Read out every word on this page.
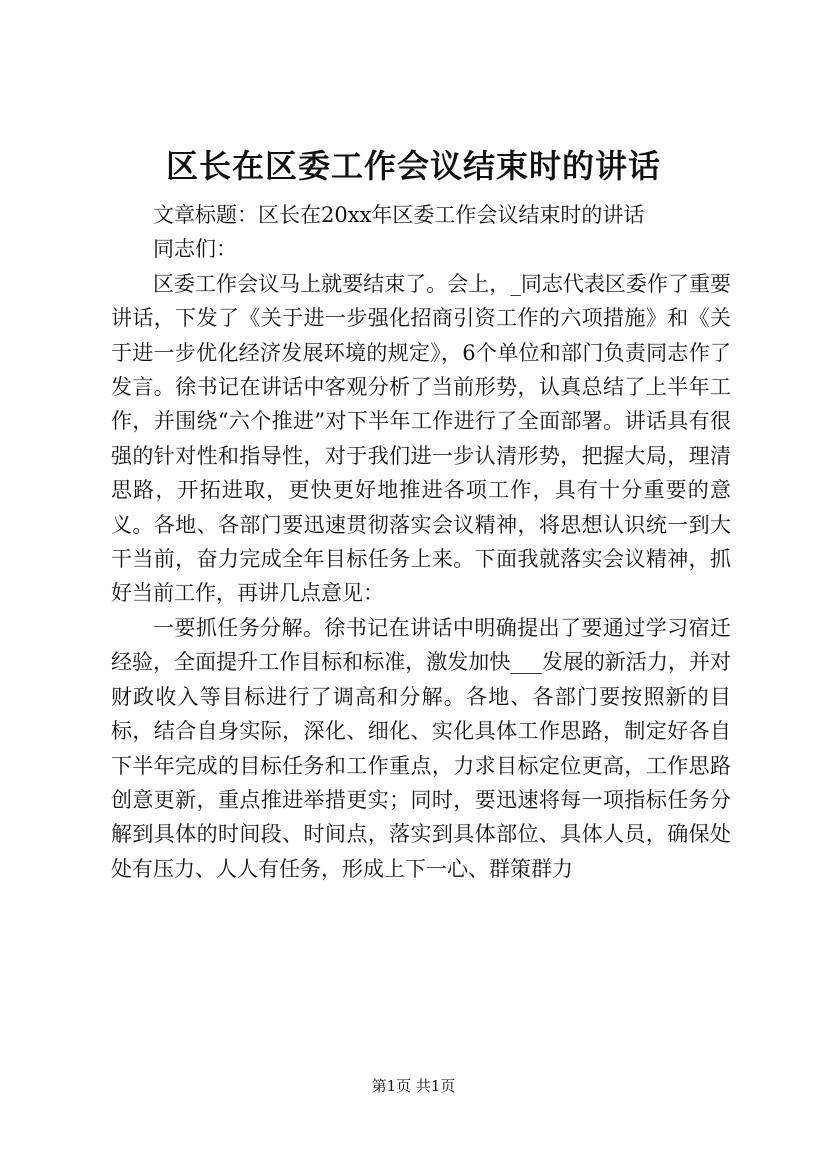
区长在区委工作会议结束时的讲话

文章标题：区长在20xx年区委工作会议结束时的讲话

同志们：

区委工作会议马上就要结束了。会上，_同志代表区委作了重要讲话，下发了《关于进一步强化招商引资工作的六项措施》和《关于进一步优化经济发展环境的规定》，6个单位和部门负责同志作了发言。徐书记在讲话中客观分析了当前形势，认真总结了上半年工作，并围绕“六个推进”对下半年工作进行了全面部署。讲话具有很强的针对性和指导性，对于我们进一步认清形势，把握大局，理清思路，开拓进取，更快更好地推进各项工作，具有十分重要的意义。各地、各部门要迅速贯彻落实会议精神，将思想认识统一到大干当前，奋力完成全年目标任务上来。下面我就落实会议精神，抓好当前工作，再讲几点意见：

一要抓任务分解。徐书记在讲话中明确提出了要通过学习宿迁经验，全面提升工作目标和标准，激发加快___发展的新活力，并对财政收入等目标进行了调高和分解。各地、各部门要按照新的目标，结合自身实际，深化、细化、实化具体工作思路，制定好各自下半年完成的目标任务和工作重点，力求目标定位更高，工作思路创意更新，重点推进举措更实；同时，要迅速将每一项指标任务分解到具体的时间段、时间点，落实到具体部位、具体人员，确保处处有压力、人人有任务，形成上下一心、群策群力

第1页 共1页
